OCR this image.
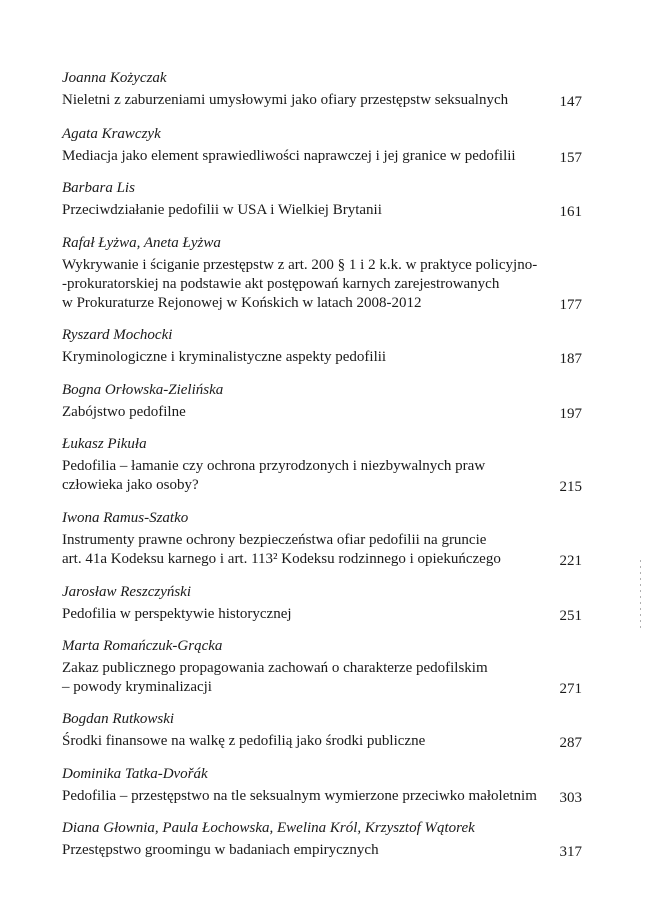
Joanna Kożyczak

Nieletni z zaburzeniami umysłowymi jako ofiary przestępstw seksualnych	147

Agata Krawczyk

Mediacja jako element sprawiedliwości naprawczej i jej granice w pedofilii	157

Barbara Lis

Przeciwdziałanie pedofilii w USA i Wielkiej Brytanii	161

Rafał Łyżwa, Aneta Łyżwa

Wykrywanie i ściganie przestępstw z art. 200 § 1 i 2 k.k. w praktyce policyjno-
-prokuratorskiej na podstawie akt postępowań karnych zarejestrowanych
w Prokuraturze Rejonowej w Końskich w latach 2008-2012	177

Ryszard Mochocki

Kryminologiczne i kryminalistyczne aspekty pedofilii	187

Bogna Orłowska-Zielińska

Zabójstwo pedofilne	197

Łukasz Pikuła

Pedofilia – łamanie czy ochrona przyrodzonych i niezbywalnych praw
człowieka jako osoby?	215

Iwona Ramus-Szatko

Instrumenty prawne ochrony bezpieczeństwa ofiar pedofilii na gruncie
art. 41a Kodeksu karnego i art. 113² Kodeksu rodzinnego i opiekuńczego	221

Jarosław Reszczyński

Pedofilia w perspektywie historycznej	251

Marta Romańczuk-Grącka

Zakaz publicznego propagowania zachowań o charakterze pedofilskim
– powody kryminalizacji	271

Bogdan Rutkowski

Środki finansowe na walkę z pedofilią jako środki publiczne	287

Dominika Tatka-Dvořák

Pedofilia – przestępstwo na tle seksualnym wymierzone przeciwko małoletnim	303

Diana Głownia, Paula Łochowska, Ewelina Król, Krzysztof Wątorek

Przestępstwo groomingu w badaniach empirycznych	317
